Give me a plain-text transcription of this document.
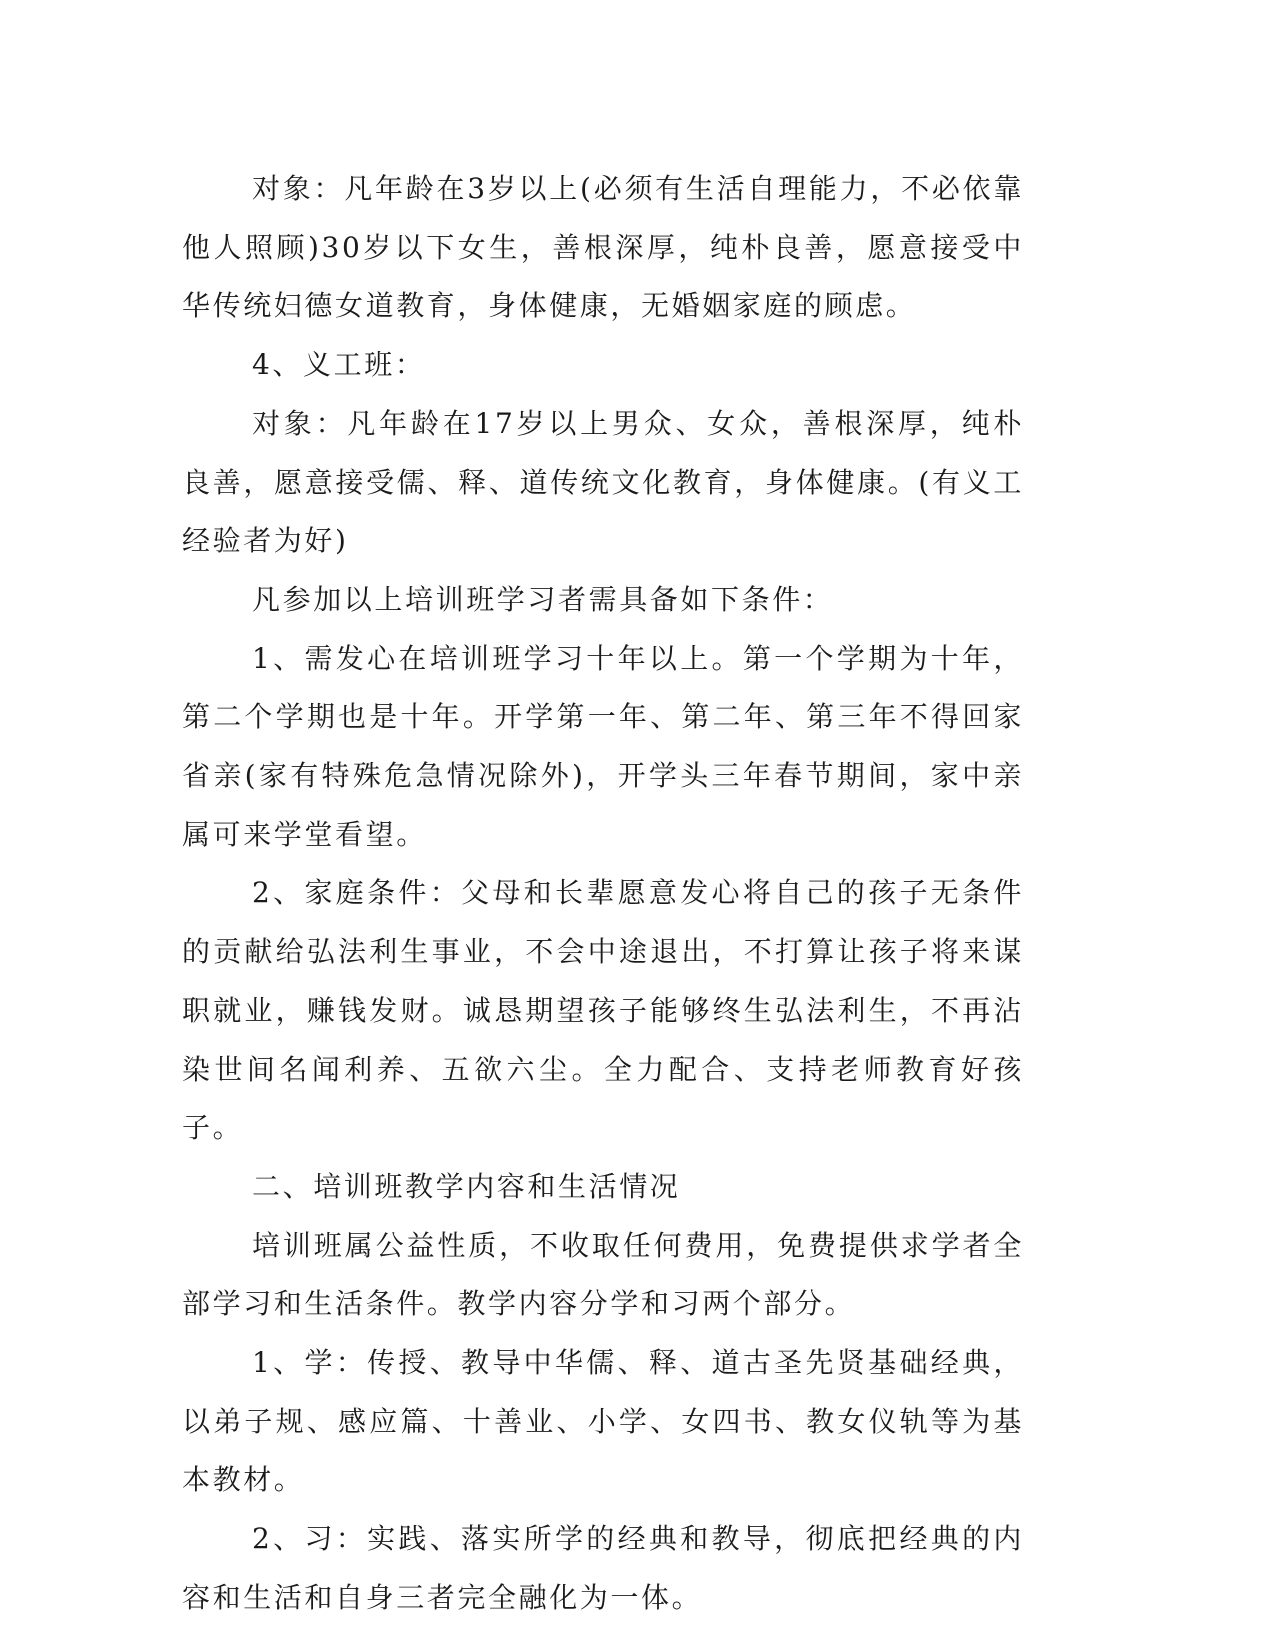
对象：凡年龄在3岁以上(必须有生活自理能力，不必依靠他人照顾)30岁以下女生，善根深厚，纯朴良善，愿意接受中华传统妇德女道教育，身体健康，无婚姻家庭的顾虑。

4、义工班：

对象：凡年龄在17岁以上男众、女众，善根深厚，纯朴良善，愿意接受儒、释、道传统文化教育，身体健康。(有义工经验者为好)

凡参加以上培训班学习者需具备如下条件：

1、需发心在培训班学习十年以上。第一个学期为十年，第二个学期也是十年。开学第一年、第二年、第三年不得回家省亲(家有特殊危急情况除外)，开学头三年春节期间，家中亲属可来学堂看望。

2、家庭条件：父母和长辈愿意发心将自己的孩子无条件的贡献给弘法利生事业，不会中途退出，不打算让孩子将来谋职就业，赚钱发财。诚恳期望孩子能够终生弘法利生，不再沾染世间名闻利养、五欲六尘。全力配合、支持老师教育好孩子。

二、培训班教学内容和生活情况

培训班属公益性质，不收取任何费用，免费提供求学者全部学习和生活条件。教学内容分学和习两个部分。

1、学：传授、教导中华儒、释、道古圣先贤基础经典，以弟子规、感应篇、十善业、小学、女四书、教女仪轨等为基本教材。

2、习：实践、落实所学的经典和教导，彻底把经典的内容和生活和自身三者完全融化为一体。
